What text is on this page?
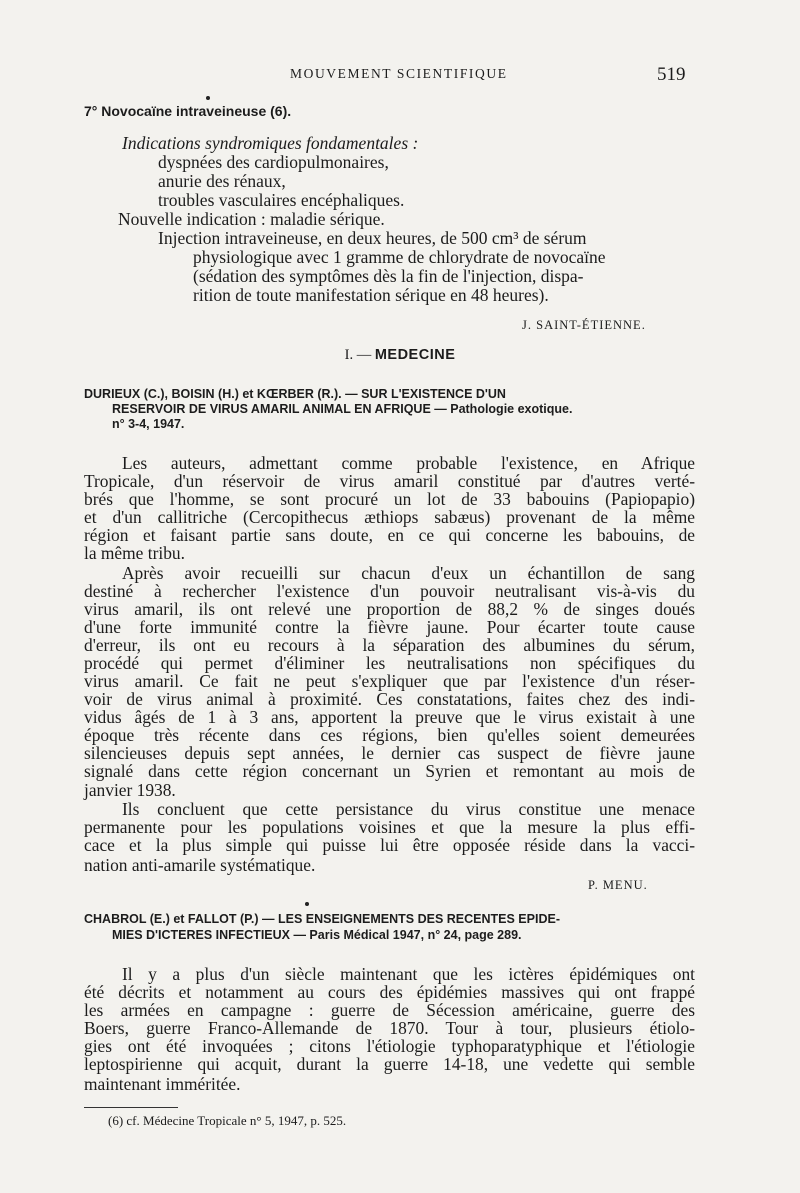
MOUVEMENT SCIENTIFIQUE	519
7° Novocaïne intraveineuse (6).
Indications syndromiques fondamentales :
dyspnées des cardiopulmonaires,
anurie des rénaux,
troubles vasculaires encéphaliques.
Nouvelle indication : maladie sérique.
Injection intraveineuse, en deux heures, de 500 cm³ de sérum
physiologique avec 1 gramme de chlorydrate de novocaïne
(sédation des symptômes dès la fin de l'injection, dispa-
rition de toute manifestation sérique en 48 heures).
J. SAINT-ÉTIENNE.
I. — MEDECINE
DURIEUX (C.), BOISIN (H.) et KŒRBER (R.). — SUR L'EXISTENCE D'UN
RESERVOIR DE VIRUS AMARIL ANIMAL EN AFRIQUE — Pathologie exotique.
n° 3-4, 1947.
Les auteurs, admettant comme probable l'existence, en Afrique
Tropicale, d'un réservoir de virus amaril constitué par d'autres verté-
brés que l'homme, se sont procuré un lot de 33 babouins (Papiopapio)
et d'un callitriche (Cercopithecus æthiops sabæus) provenant de la même
région et faisant partie sans doute, en ce qui concerne les babouins, de
la même tribu.
Après avoir recueilli sur chacun d'eux un échantillon de sang
destiné à rechercher l'existence d'un pouvoir neutralisant vis-à-vis du
virus amaril, ils ont relevé une proportion de 88,2 % de singes doués
d'une forte immunité contre la fièvre jaune. Pour écarter toute cause
d'erreur, ils ont eu recours à la séparation des albumines du sérum,
procédé qui permet d'éliminer les neutralisations non spécifiques du
virus amaril. Ce fait ne peut s'expliquer que par l'existence d'un réser-
voir de virus animal à proximité. Ces constatations, faites chez des indi-
vidus âgés de 1 à 3 ans, apportent la preuve que le virus existait à une
époque très récente dans ces régions, bien qu'elles soient demeurées
silencieuses depuis sept années, le dernier cas suspect de fièvre jaune
signalé dans cette région concernant un Syrien et remontant au mois de
janvier 1938.
Ils concluent que cette persistance du virus constitue une menace
permanente pour les populations voisines et que la mesure la plus effi-
cace et la plus simple qui puisse lui être opposée réside dans la vacci-
nation anti-amarile systématique.
P. MENU.
CHABROL (E.) et FALLOT (P.) — LES ENSEIGNEMENTS DES RECENTES EPIDE-
MIES D'ICTERES INFECTIEUX — Paris Médical 1947, n° 24, page 289.
Il y a plus d'un siècle maintenant que les ictères épidémiques ont
été décrits et notamment au cours des épidémies massives qui ont frappé
les armées en campagne : guerre de Sécession américaine, guerre des
Boers, guerre Franco-Allemande de 1870. Tour à tour, plusieurs étiolo-
gies ont été invoquées ; citons l'étiologie typhoparatyphique et l'étiologie
leptospirienne qui acquit, durant la guerre 14-18, une vedette qui semble
maintenant imméritée.
(6) cf. Médecine Tropicale n° 5, 1947, p. 525.
